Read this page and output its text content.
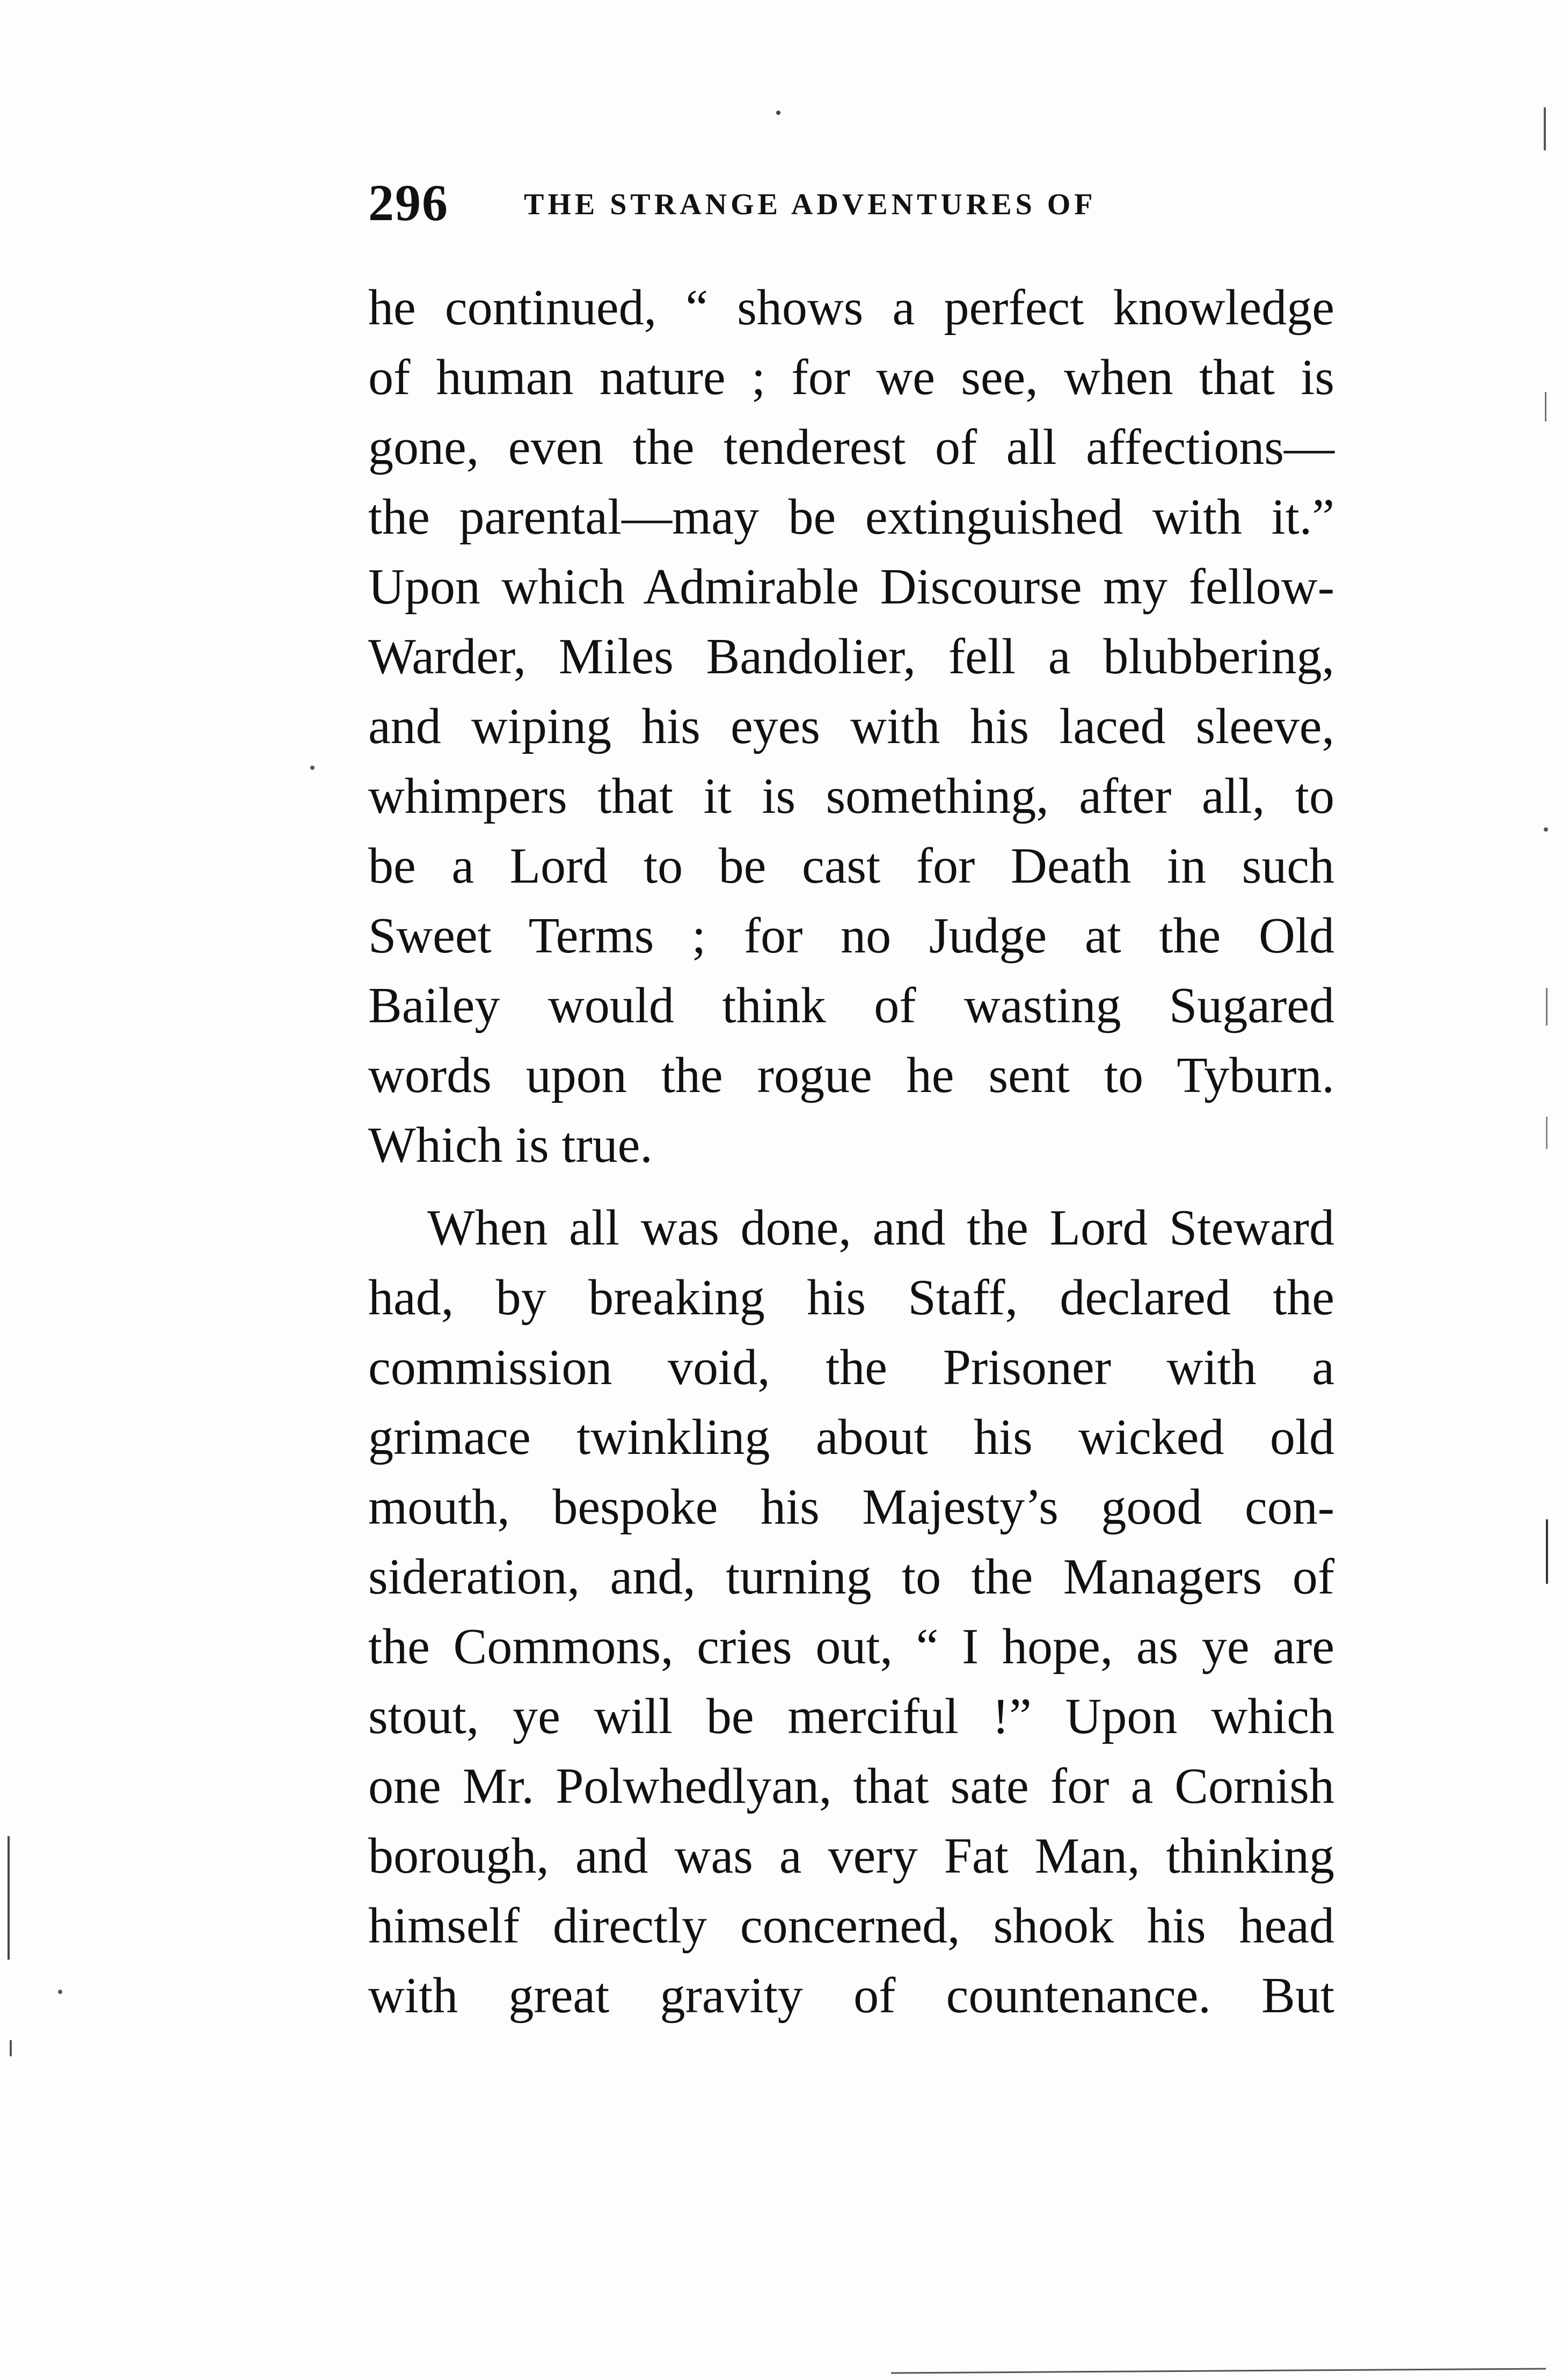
296	THE STRANGE ADVENTURES OF
he continued, “ shows a perfect knowledge
of human nature ; for we see, when that is
gone, even the tenderest of all affections—
the parental—may be extinguished with it.”
Upon which Admirable Discourse my fellow-
Warder, Miles Bandolier, fell a blubbering,
and wiping his eyes with his laced sleeve,
whimpers that it is something, after all, to
be a Lord to be cast for Death in such
Sweet Terms ; for no Judge at the Old
Bailey would think of wasting Sugared
words upon the rogue he sent to Tyburn.
Which is true.
When all was done, and the Lord Steward
had, by breaking his Staff, declared the
commission void, the Prisoner with a
grimace twinkling about his wicked old
mouth, bespoke his Majesty’s good con-
sideration, and, turning to the Managers of
the Commons, cries out, “ I hope, as ye are
stout, ye will be merciful !” Upon which
one Mr. Polwhedlyan, that sate for a Cornish
borough, and was a very Fat Man, thinking
himself directly concerned, shook his head
with great gravity of countenance. But
